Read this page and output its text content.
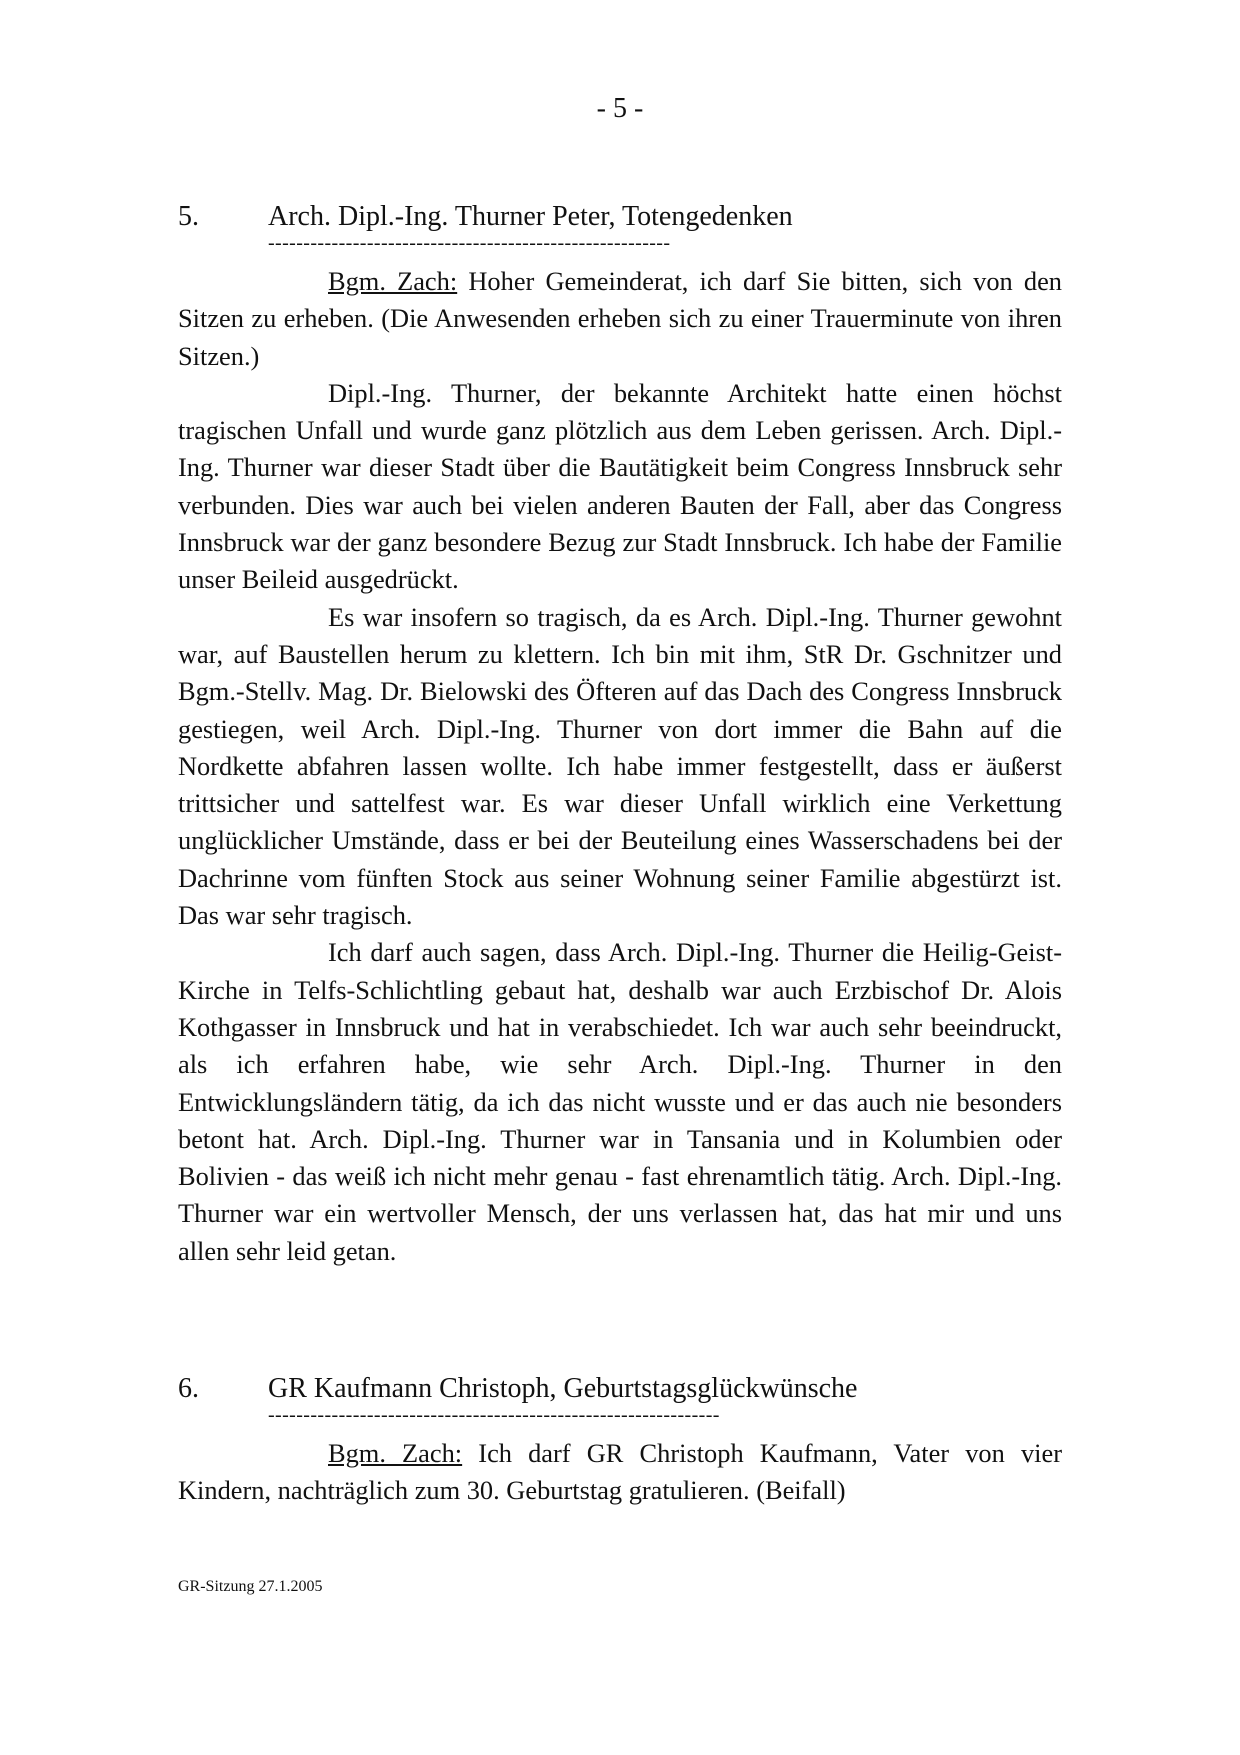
- 5 -
5. Arch. Dipl.-Ing. Thurner Peter, Totengedenken
---------------------------------------------------------

Bgm. Zach: Hoher Gemeinderat, ich darf Sie bitten, sich von den Sitzen zu erheben. (Die Anwesenden erheben sich zu einer Trauerminute von ihren Sitzen.)

Dipl.-Ing. Thurner, der bekannte Architekt hatte einen höchst tragischen Unfall und wurde ganz plötzlich aus dem Leben gerissen. Arch. Dipl.-Ing. Thurner war dieser Stadt über die Bautätigkeit beim Congress Innsbruck sehr verbunden. Dies war auch bei vielen anderen Bauten der Fall, aber das Congress Innsbruck war der ganz besondere Bezug zur Stadt Innsbruck. Ich habe der Familie unser Beileid ausgedrückt.

Es war insofern so tragisch, da es Arch. Dipl.-Ing. Thurner gewohnt war, auf Baustellen herum zu klettern. Ich bin mit ihm, StR Dr. Gschnitzer und Bgm.-Stellv. Mag. Dr. Bielowski des Öfteren auf das Dach des Congress Innsbruck gestiegen, weil Arch. Dipl.-Ing. Thurner von dort immer die Bahn auf die Nordkette abfahren lassen wollte. Ich habe immer festgestellt, dass er äußerst trittsicher und sattelfest war. Es war dieser Unfall wirklich eine Verkettung unglücklicher Umstände, dass er bei der Beuteilung eines Wasserschadens bei der Dachrinne vom fünften Stock aus seiner Wohnung seiner Familie abgestürzt ist. Das war sehr tragisch.

Ich darf auch sagen, dass Arch. Dipl.-Ing. Thurner die Heilig-Geist-Kirche in Telfs-Schlichtling gebaut hat, deshalb war auch Erzbischof Dr. Alois Kothgasser in Innsbruck und hat in verabschiedet. Ich war auch sehr beeindruckt, als ich erfahren habe, wie sehr Arch. Dipl.-Ing. Thurner in den Entwicklungsländern tätig, da ich das nicht wusste und er das auch nie besonders betont hat. Arch. Dipl.-Ing. Thurner war in Tansania und in Kolumbien oder Bolivien - das weiß ich nicht mehr genau - fast ehrenamtlich tätig. Arch. Dipl.-Ing. Thurner war ein wertvoller Mensch, der uns verlassen hat, das hat mir und uns allen sehr leid getan.

6. GR Kaufmann Christoph, Geburtstagsglückwünsche
----------------------------------------------------------------

Bgm. Zach: Ich darf GR Christoph Kaufmann, Vater von vier Kindern, nachträglich zum 30. Geburtstag gratulieren. (Beifall)

GR-Sitzung 27.1.2005
